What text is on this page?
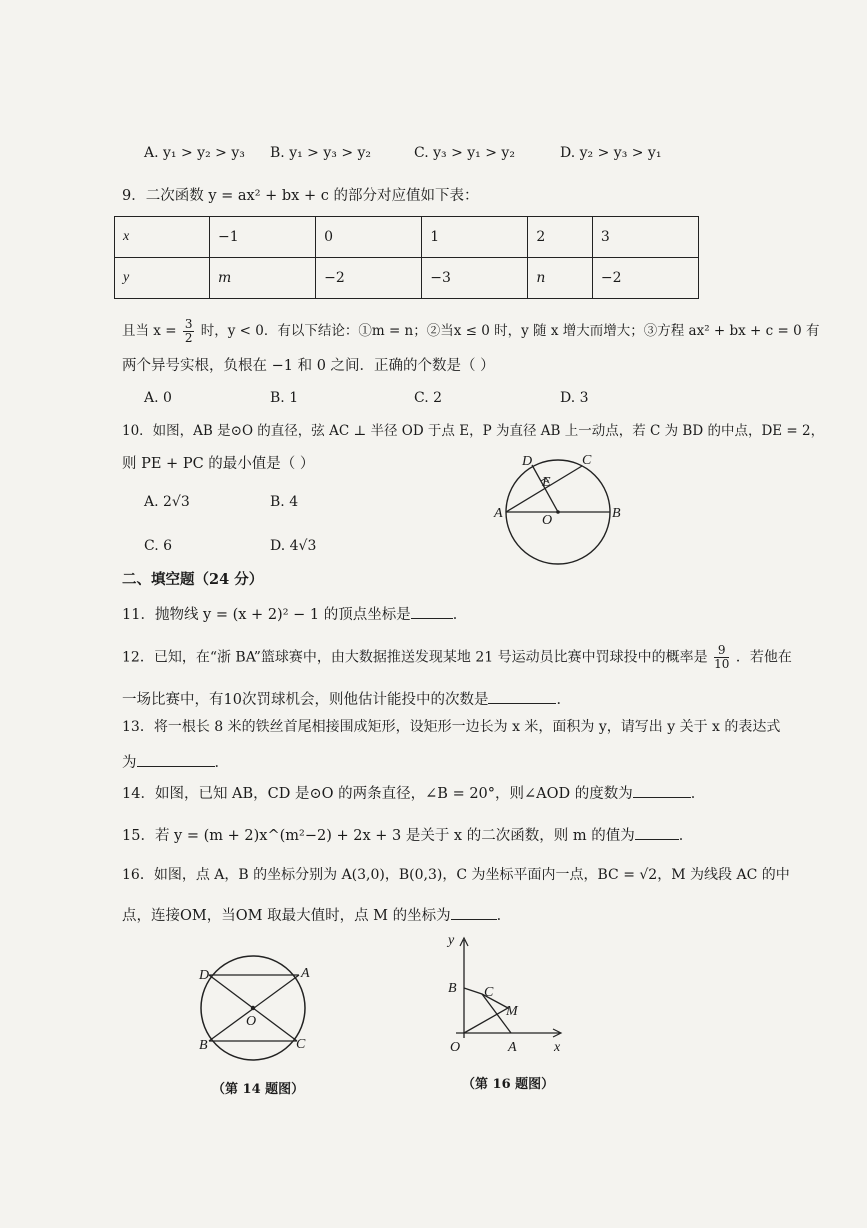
A. y₁ > y₂ > y₃ B. y₁ > y₃ > y₂	C. y₃ > y₁ > y₂	D. y₂ > y₃ > y₁
9．二次函数 y = ax² + bx + c 的部分对应值如下表：
x	−1	0	1	2	3
y	m	−2	−3	n	−2
且当 $x = \frac{3}{2}$ 时，y < 0．有以下结论：①m = n；②当x ≤ 0 时，y 随 x 增大而增大；③方程 ax² + bx + c = 0 有
两个异号实根，负根在 −1 和 0 之间．正确的个数是（ ）
A. 0	B. 1	C. 2	D. 3
10．如图，AB 是⊙O 的直径，弦 AC ⊥ 半径 OD 于点 E，P 为直径 AB 上一动点，若 C 为 BD 的中点，DE = 2，
则 PE + PC 的最小值是（ ）
A. 2√3	B. 4
C. 6	D. 4√3
D	C
E
A	O	B
二、填空题（24 分）
11．抛物线 y = (x + 2)² − 1 的顶点坐标是	．
12．已知，在“浙 BA”篮球赛中，由大数据推送发现某地 21 号运动员比赛中罚球投中的概率是 $\frac{9}{10}$ ．若他在
一场比赛中，有10次罚球机会，则他估计能投中的次数是	．
13．将一根长 8 米的铁丝首尾相接围成矩形，设矩形一边长为 x 米，面积为 y，请写出 y 关于 x 的表达式
为	．
14．如图，已知 AB，CD 是⊙O 的两条直径，∠B = 20°，则∠AOD 的度数为	．
15．若 y = (m + 2)x^(m²−2) + 2x + 3 是关于 x 的二次函数，则 m 的值为	．
16．如图，点 A，B 的坐标分别为 A(3,0)，B(0,3)，C 为坐标平面内一点，BC = √2，M 为线段 AC 的中
点，连接OM，当OM 取最大值时，点 M 的坐标为	．
D	A
O
B	C
（第 14 题图）
y
B C
M
O	A	x
（第 16 题图）
